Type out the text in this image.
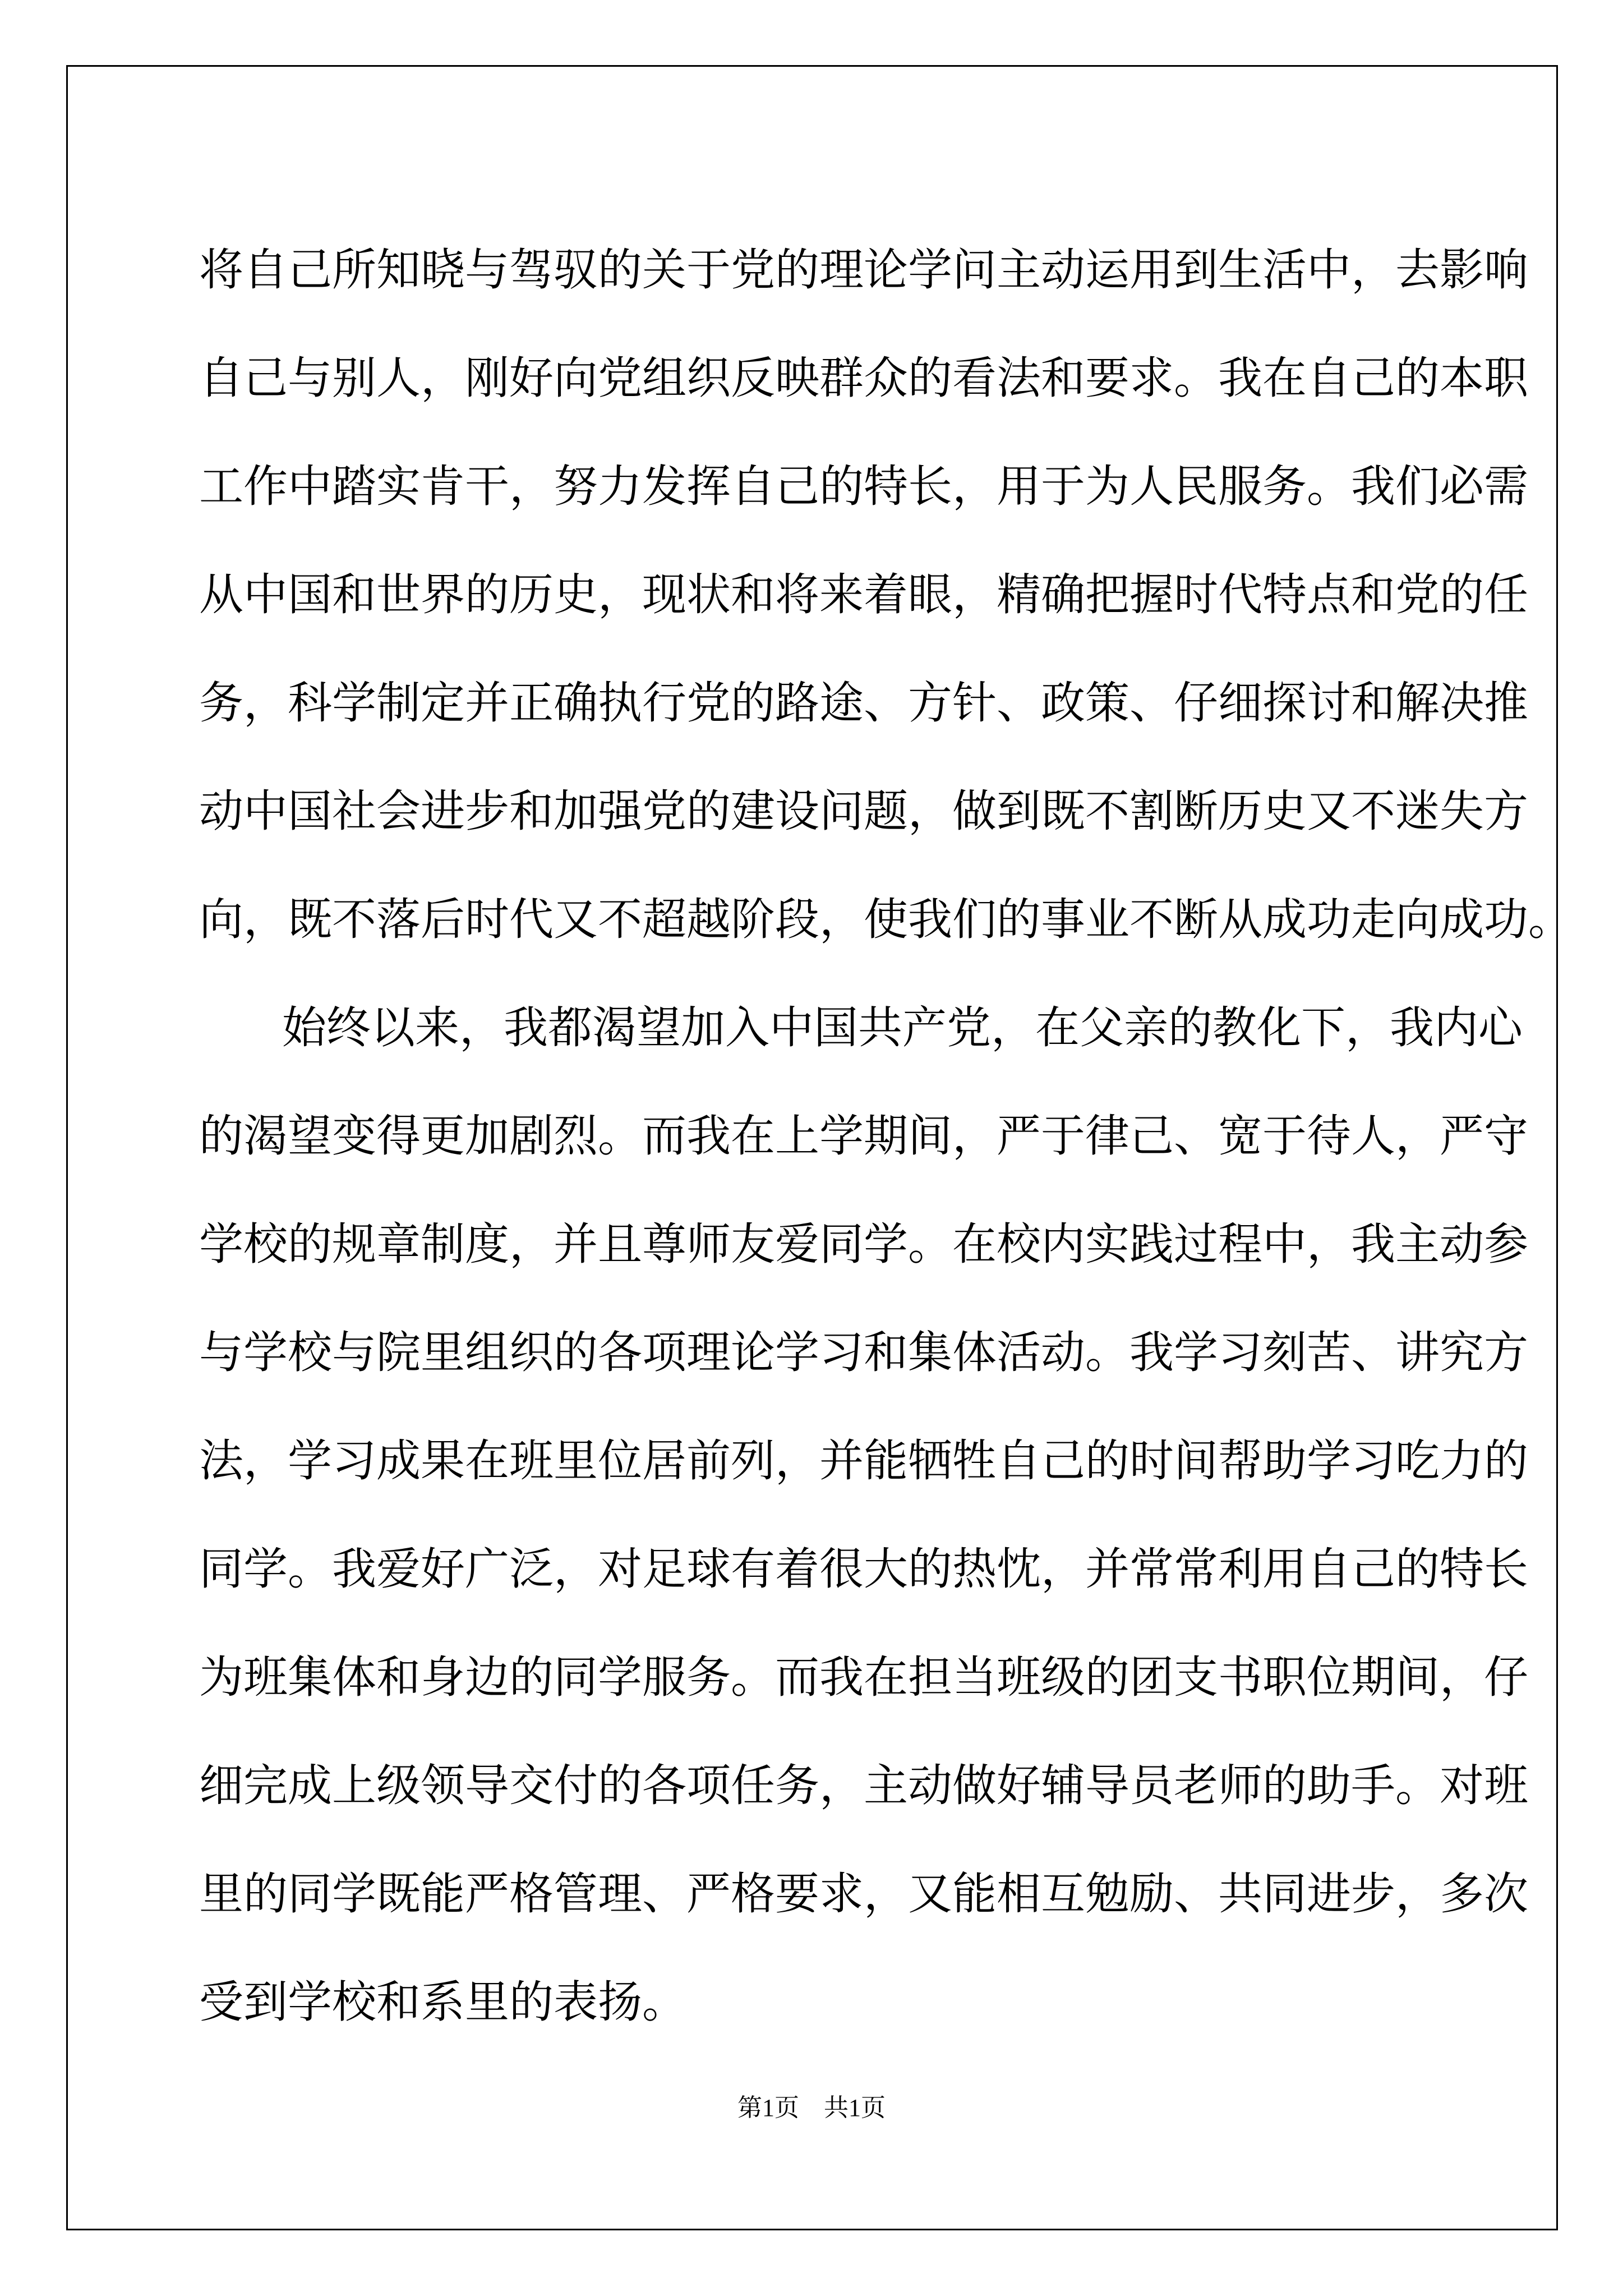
将自己所知晓与驾驭的关于党的理论学问主动运用到生活中，去影响
自己与别人，刚好向党组织反映群众的看法和要求。我在自己的本职
工作中踏实肯干，努力发挥自己的特长，用于为人民服务。我们必需
从中国和世界的历史，现状和将来着眼，精确把握时代特点和党的任
务，科学制定并正确执行党的路途、方针、政策、仔细探讨和解决推
动中国社会进步和加强党的建设问题，做到既不割断历史又不迷失方
向，既不落后时代又不超越阶段，使我们的事业不断从成功走向成功。
始终以来，我都渴望加入中国共产党，在父亲的教化下，我内心
的渴望变得更加剧烈。而我在上学期间，严于律己、宽于待人，严守
学校的规章制度，并且尊师友爱同学。在校内实践过程中，我主动参
与学校与院里组织的各项理论学习和集体活动。我学习刻苦、讲究方
法，学习成果在班里位居前列，并能牺牲自己的时间帮助学习吃力的
同学。我爱好广泛，对足球有着很大的热忱，并常常利用自己的特长
为班集体和身边的同学服务。而我在担当班级的团支书职位期间，仔
细完成上级领导交付的各项任务，主动做好辅导员老师的助手。对班
里的同学既能严格管理、严格要求，又能相互勉励、共同进步，多次
受到学校和系里的表扬。
第1页　共1页
